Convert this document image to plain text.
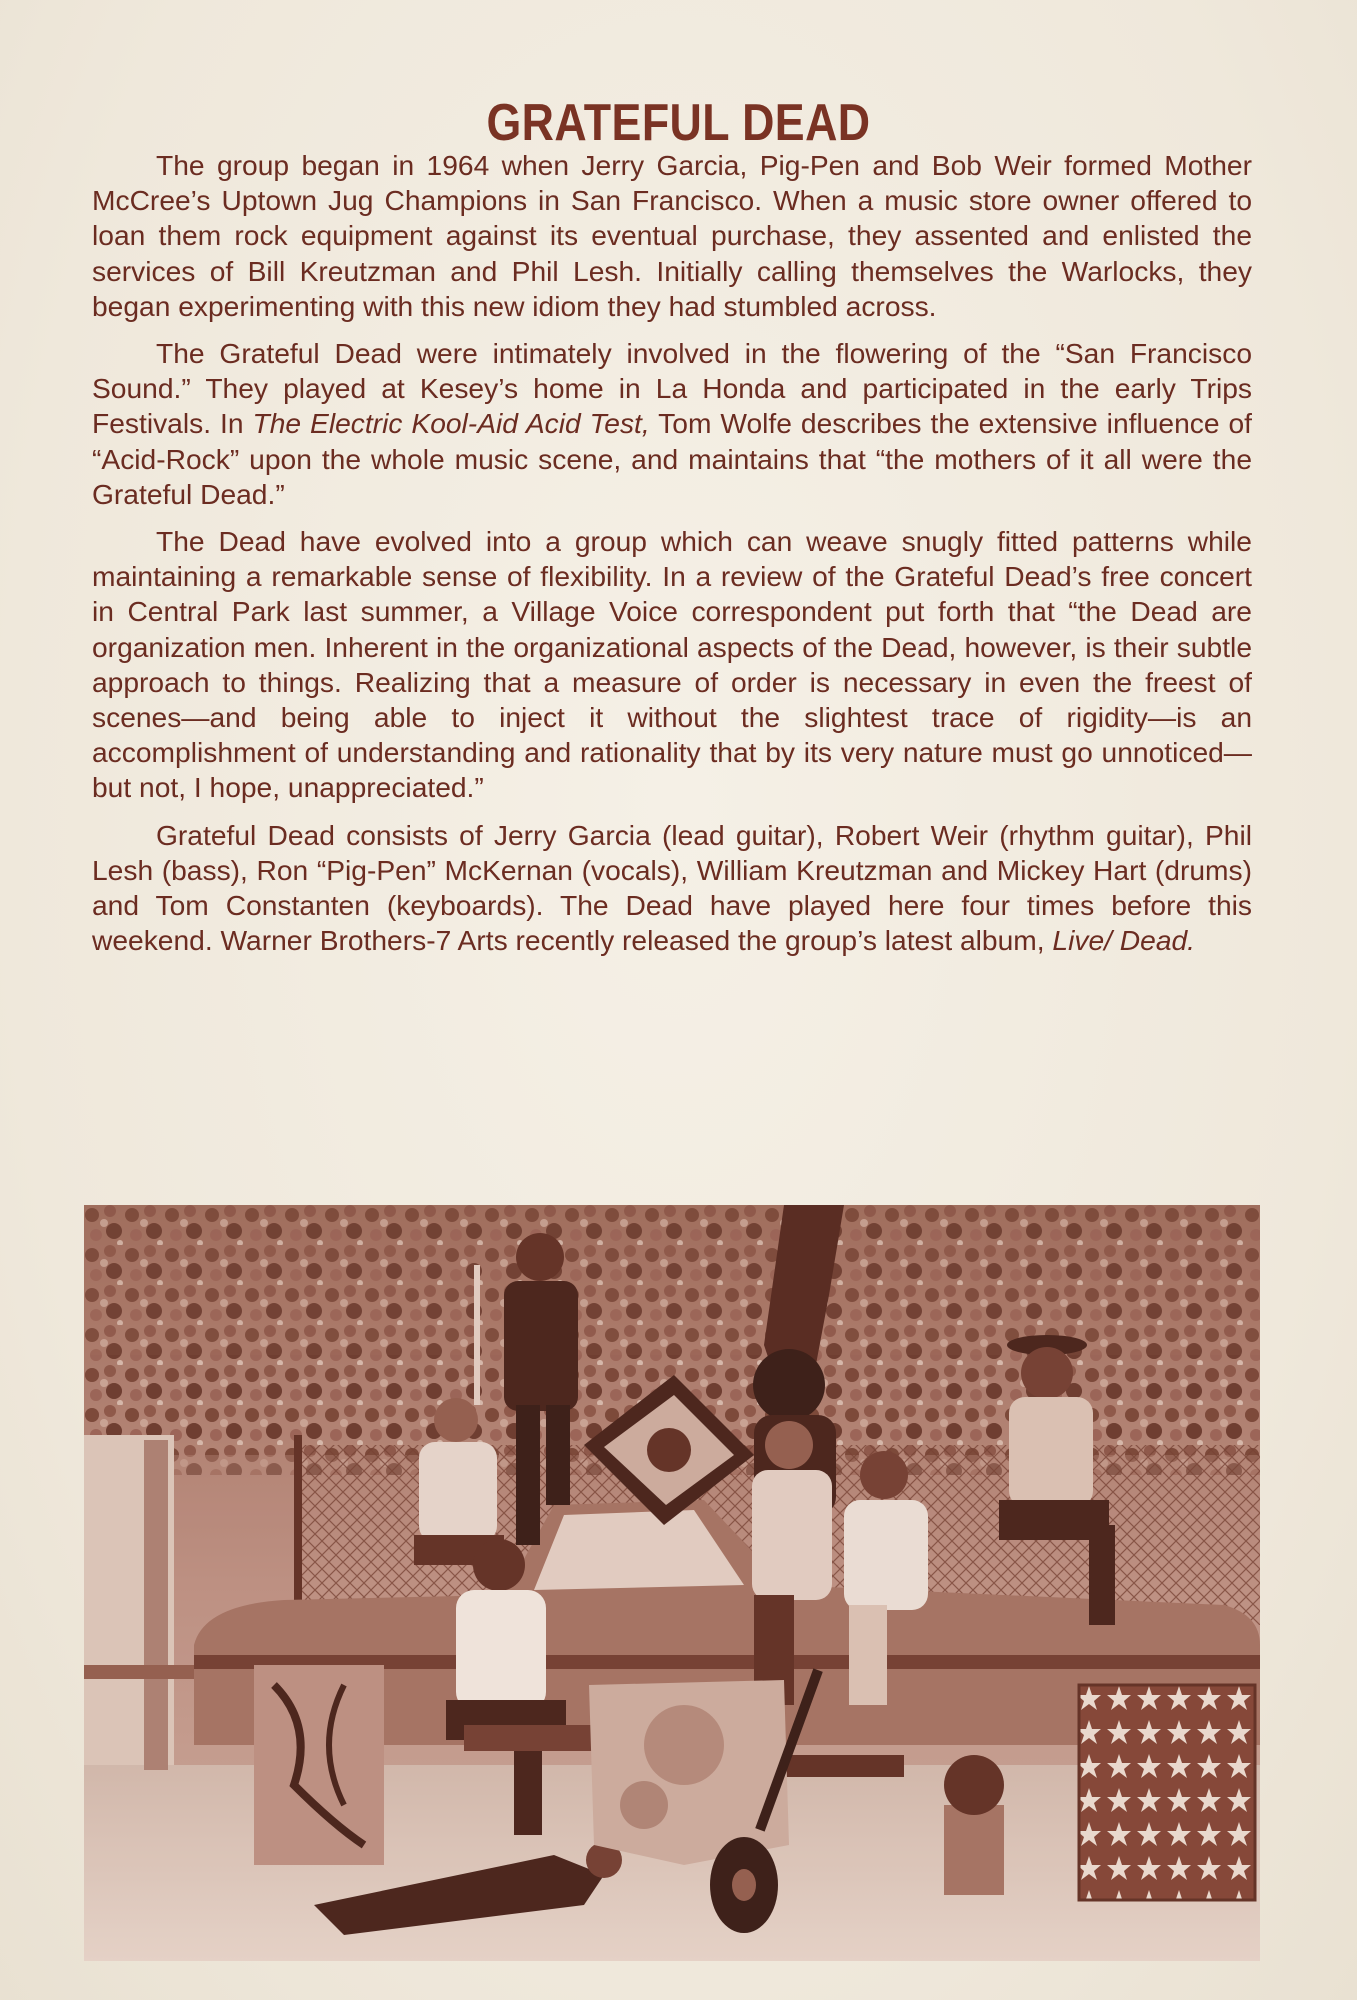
GRATEFUL DEAD

The group began in 1964 when Jerry Garcia, Pig-Pen and Bob Weir formed Mother McCree’s Uptown Jug Champions in San Francisco. When a music store owner offered to loan them rock equipment against its eventual purchase, they assented and enlisted the services of Bill Kreutzman and Phil Lesh. Initially calling themselves the Warlocks, they began experimenting with this new idiom they had stumbled across.

The Grateful Dead were intimately involved in the flowering of the “San Francisco Sound.” They played at Kesey’s home in La Honda and participated in the early Trips Festivals. In The Electric Kool-Aid Acid Test, Tom Wolfe describes the extensive influence of “Acid-Rock” upon the whole music scene, and maintains that “the mothers of it all were the Grateful Dead.”

The Dead have evolved into a group which can weave snugly fitted patterns while maintaining a remarkable sense of flexibility. In a review of the Grateful Dead’s free concert in Central Park last summer, a Village Voice correspondent put forth that “the Dead are organization men. Inherent in the organizational aspects of the Dead, however, is their subtle approach to things. Realizing that a measure of order is necessary in even the freest of scenes—and being able to inject it without the slightest trace of rigidity—is an accomplishment of understanding and rationality that by its very nature must go unnoticed—but not, I hope, unappreciated.”

Grateful Dead consists of Jerry Garcia (lead guitar), Robert Weir (rhythm guitar), Phil Lesh (bass), Ron “Pig-Pen” McKernan (vocals), William Kreutzman and Mickey Hart (drums) and Tom Constanten (keyboards). The Dead have played here four times before this weekend. Warner Brothers-7 Arts recently released the group’s latest album, Live/ Dead.
